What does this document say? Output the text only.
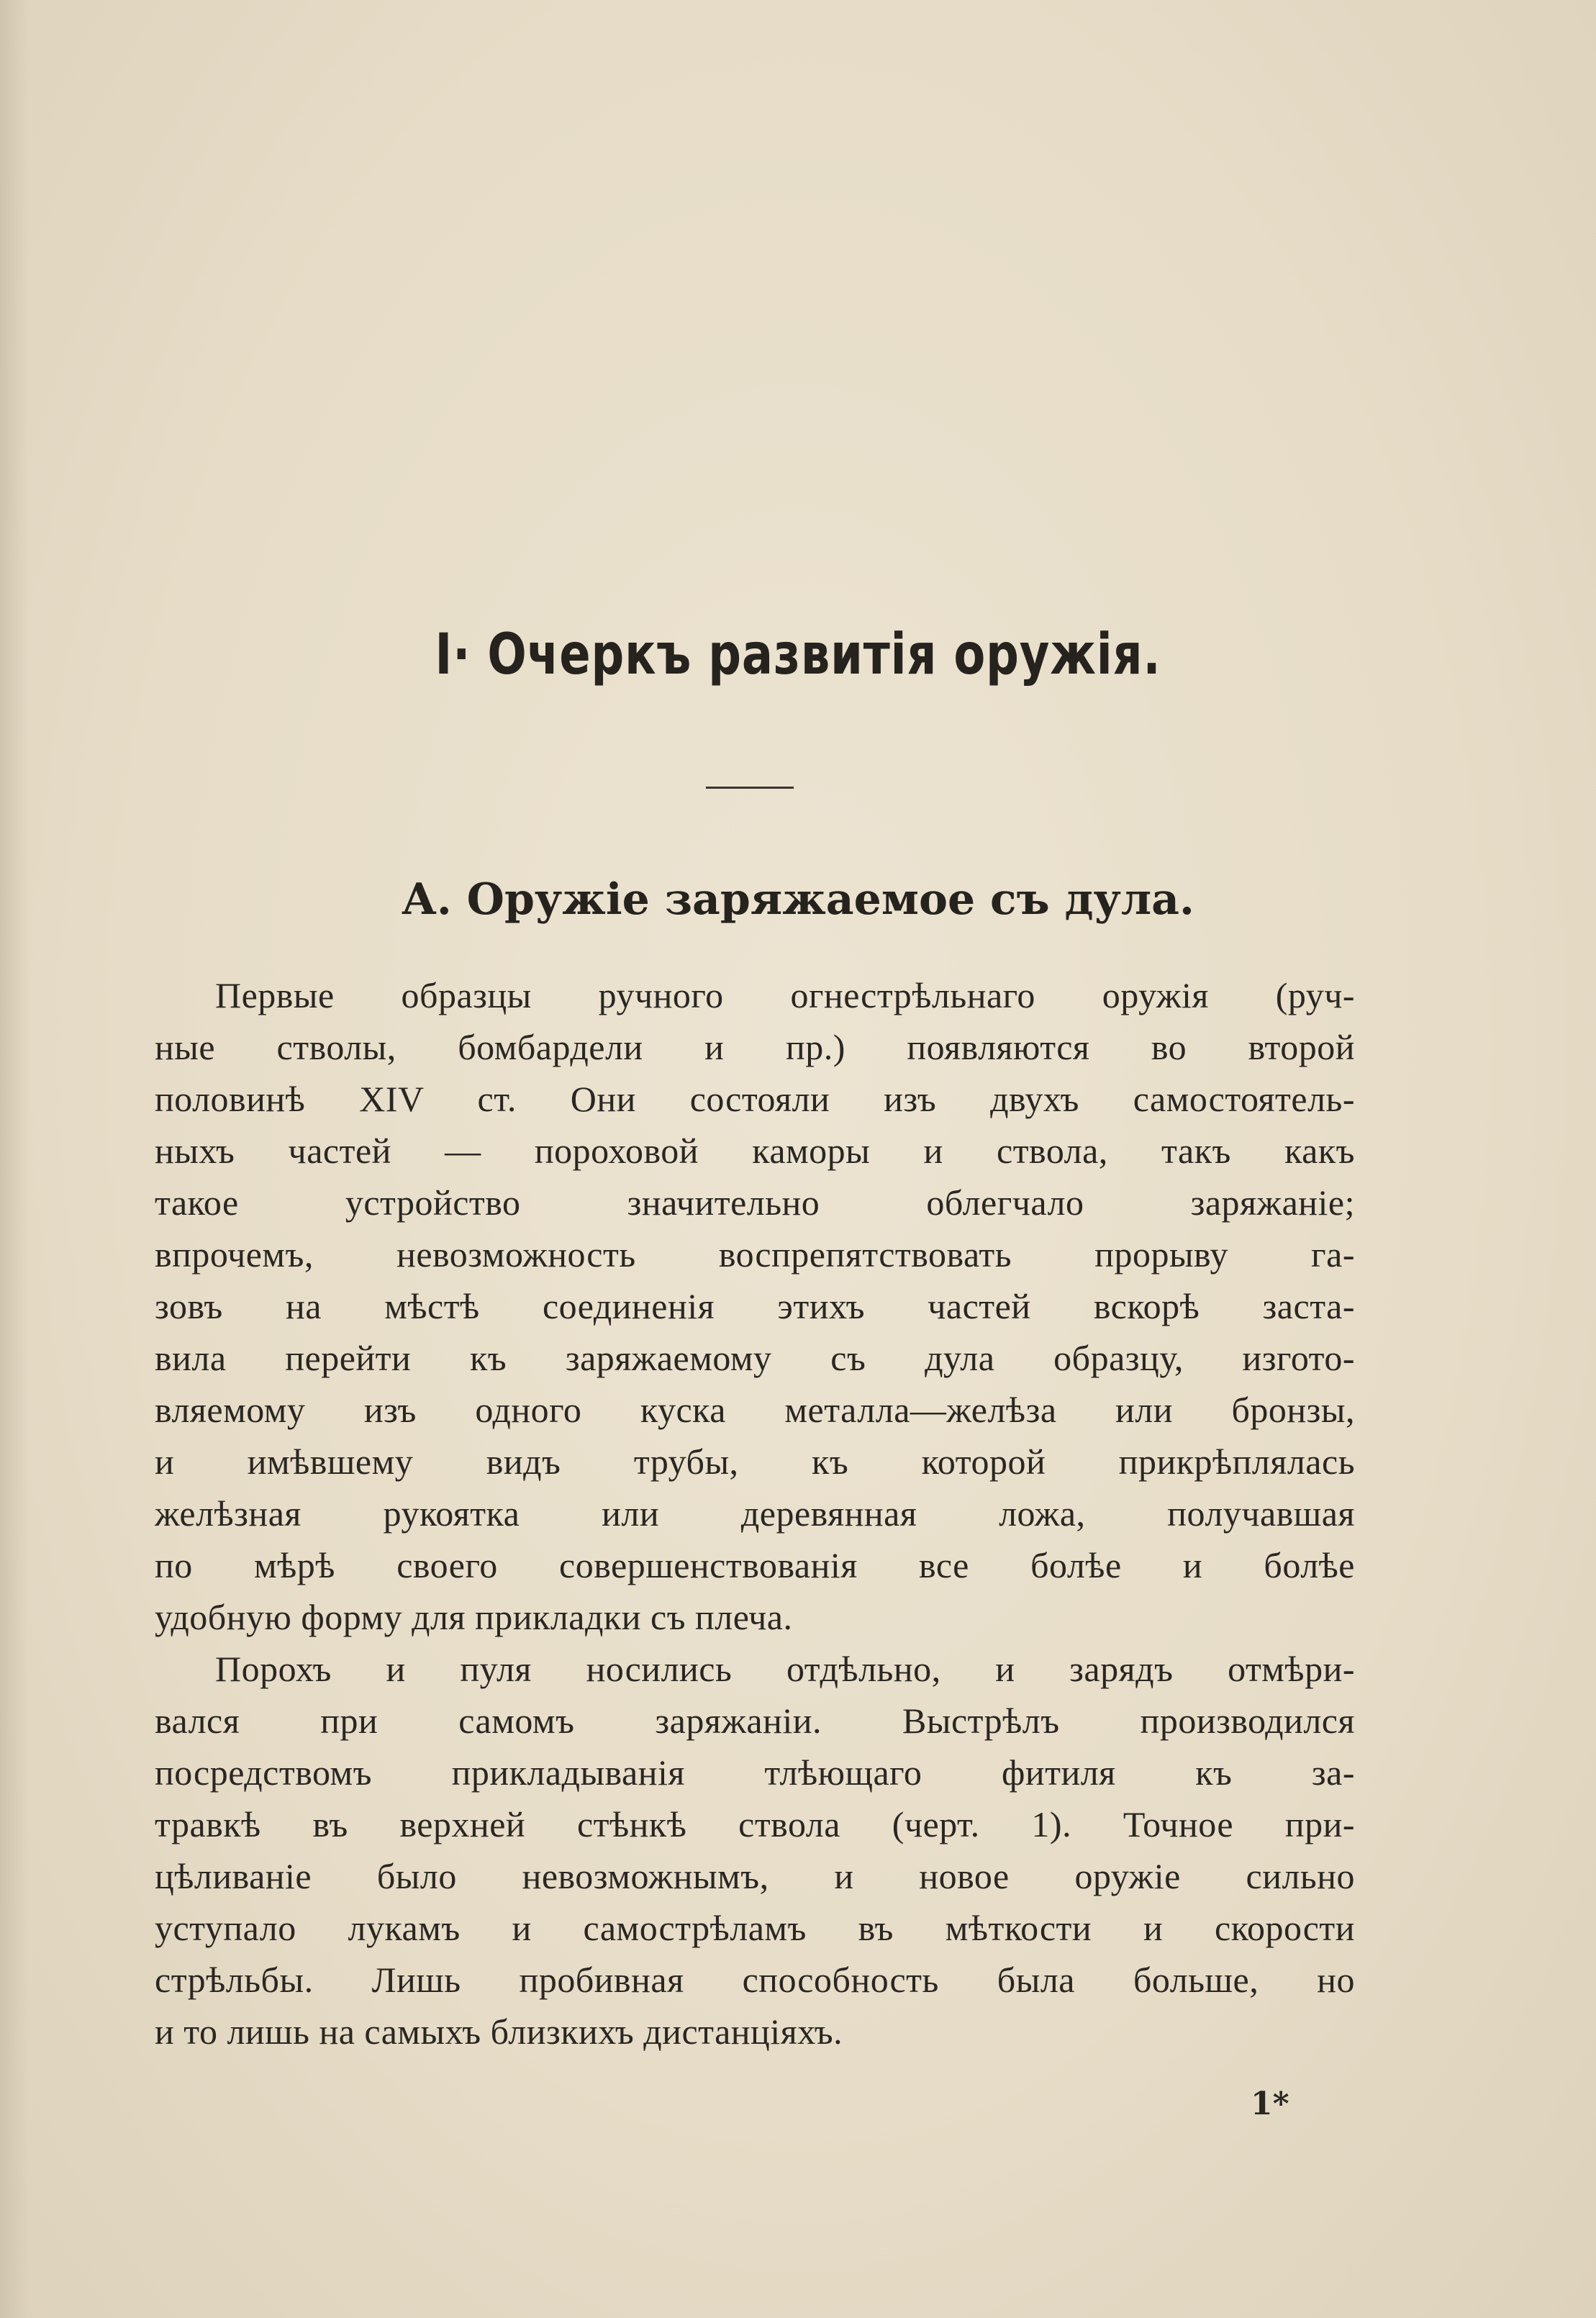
I· Очеркъ развитія оружія.
А. Оружіе заряжаемое съ дула.
Первые образцы ручного огнестрѣльнаго оружія (руч-
ные стволы, бомбардели и пр.) появляются во второй
половинѣ XIV ст. Они состояли изъ двухъ самостоятель-
ныхъ частей — пороховой каморы и ствола, такъ какъ
такое устройство значительно облегчало заряжаніе;
впрочемъ, невозможность воспрепятствовать прорыву га-
зовъ на мѣстѣ соединенія этихъ частей вскорѣ заста-
вила перейти къ заряжаемому съ дула образцу, изгото-
вляемому изъ одного куска металла—желѣза или бронзы,
и имѣвшему видъ трубы, къ которой прикрѣплялась
желѣзная рукоятка или деревянная ложа, получавшая
по мѣрѣ своего совершенствованія все болѣе и болѣе
удобную форму для прикладки съ плеча.
Порохъ и пуля носились отдѣльно, и зарядъ отмѣри-
вался при самомъ заряжаніи. Выстрѣлъ производился
посредствомъ прикладыванія тлѣющаго фитиля къ за-
травкѣ въ верхней стѣнкѣ ствола (черт. 1). Точное при-
цѣливаніе было невозможнымъ, и новое оружіе сильно
уступало лукамъ и самострѣламъ въ мѣткости и скорости
стрѣльбы. Лишь пробивная способность была больше, но
и то лишь на самыхъ близкихъ дистанціяхъ.
1*
